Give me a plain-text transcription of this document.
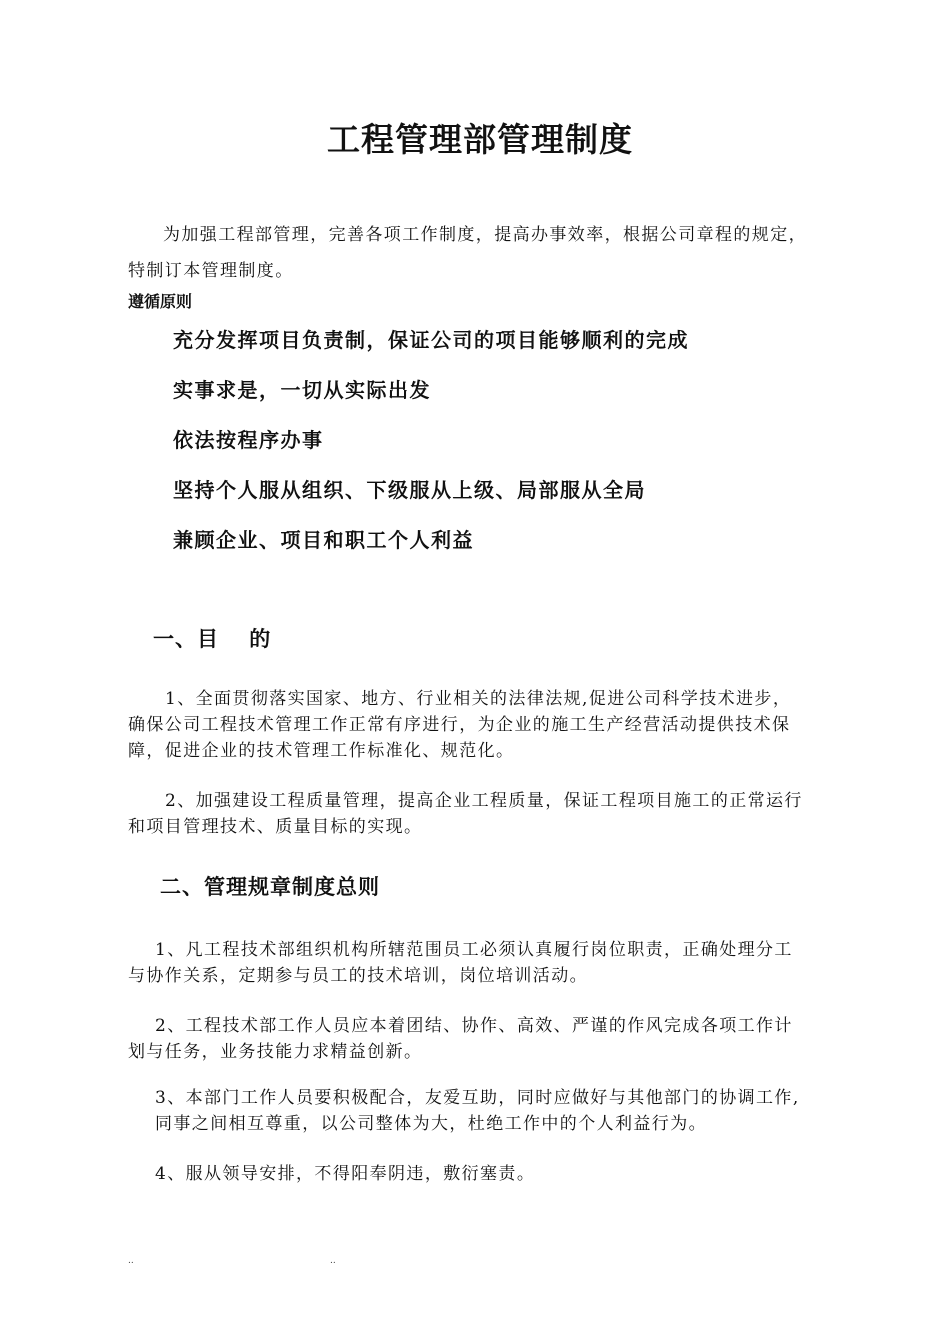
工程管理部管理制度

为加强工程部管理，完善各项工作制度，提高办事效率，根据公司章程的规定，

特制订本管理制度。

遵循原则

充分发挥项目负责制，保证公司的项目能够顺利的完成

实事求是，一切从实际出发

依法按程序办事

坚持个人服从组织、下级服从上级、局部服从全局

兼顾企业、项目和职工个人利益

一、目　 的

1、全面贯彻落实国家、地方、行业相关的法律法规,促进公司科学技术进步，

确保公司工程技术管理工作正常有序进行，为企业的施工生产经营活动提供技术保

障，促进企业的技术管理工作标准化、规范化。

2、加强建设工程质量管理，提高企业工程质量，保证工程项目施工的正常运行

和项目管理技术、质量目标的实现。

二、管理规章制度总则

1、凡工程技术部组织机构所辖范围员工必须认真履行岗位职责，正确处理分工

与协作关系，定期参与员工的技术培训，岗位培训活动。

2、工程技术部工作人员应本着团结、协作、高效、严谨的作风完成各项工作计

划与任务，业务技能力求精益创新。

3、本部门工作人员要积极配合，友爱互助，同时应做好与其他部门的协调工作,

同事之间相互尊重，以公司整体为大，杜绝工作中的个人利益行为。

4、服从领导安排，不得阳奉阴违，敷衍塞责。

..	..
